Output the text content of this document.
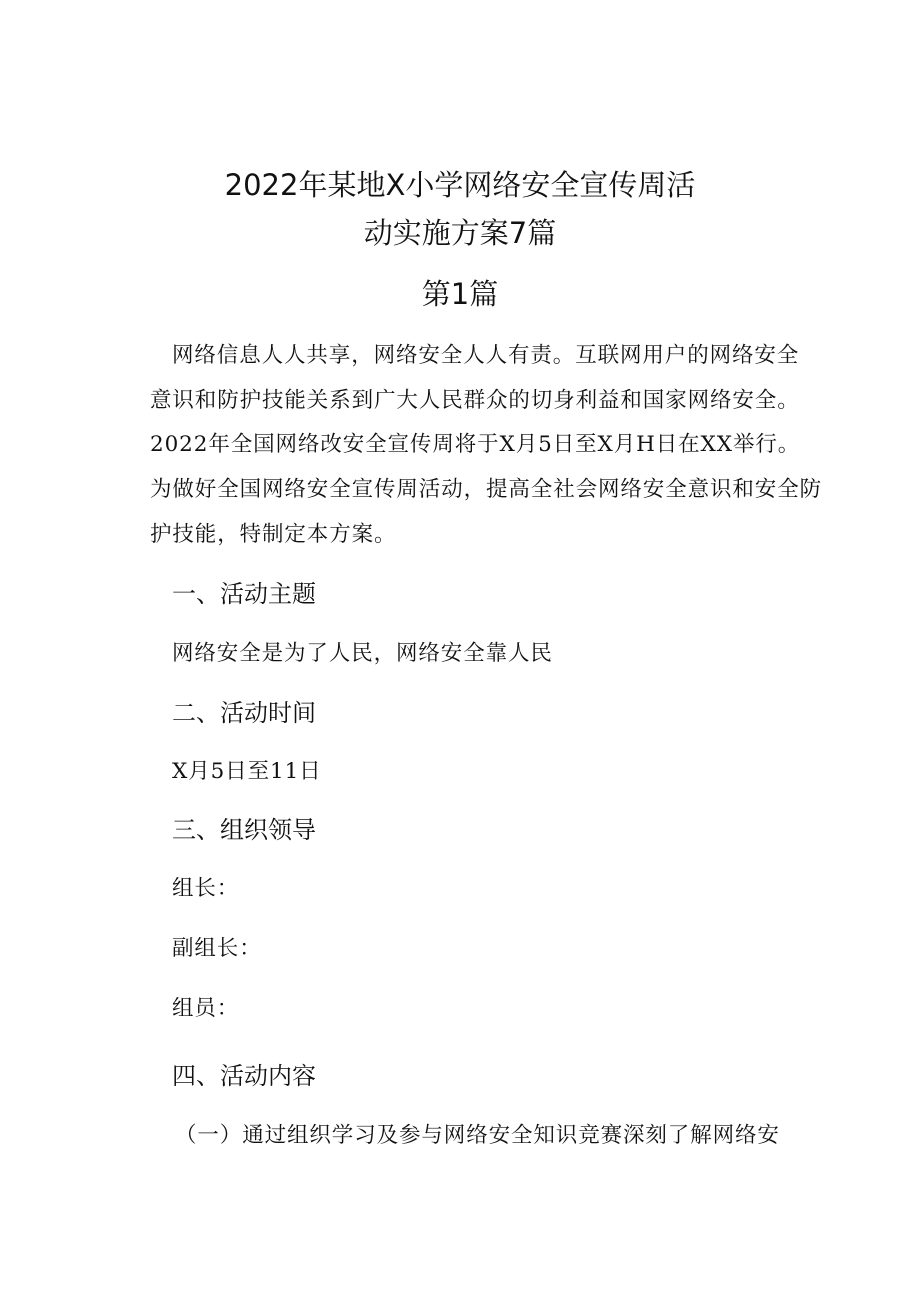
2022年某地X小学网络安全宣传周活
动实施方案7篇
第1篇
网络信息人人共享，网络安全人人有责。互联网用户的网络安全
意识和防护技能关系到广大人民群众的切身利益和国家网络安全。
2022年全国网络改安全宣传周将于X月5日至X月H日在XX举行。
为做好全国网络安全宣传周活动，提高全社会网络安全意识和安全防
护技能，特制定本方案。
一、活动主题
网络安全是为了人民，网络安全靠人民
二、活动时间
X月5日至11日
三、组织领导
组长：
副组长：
组员：
四、活动内容
（一）通过组织学习及参与网络安全知识竞赛深刻了解网络安
